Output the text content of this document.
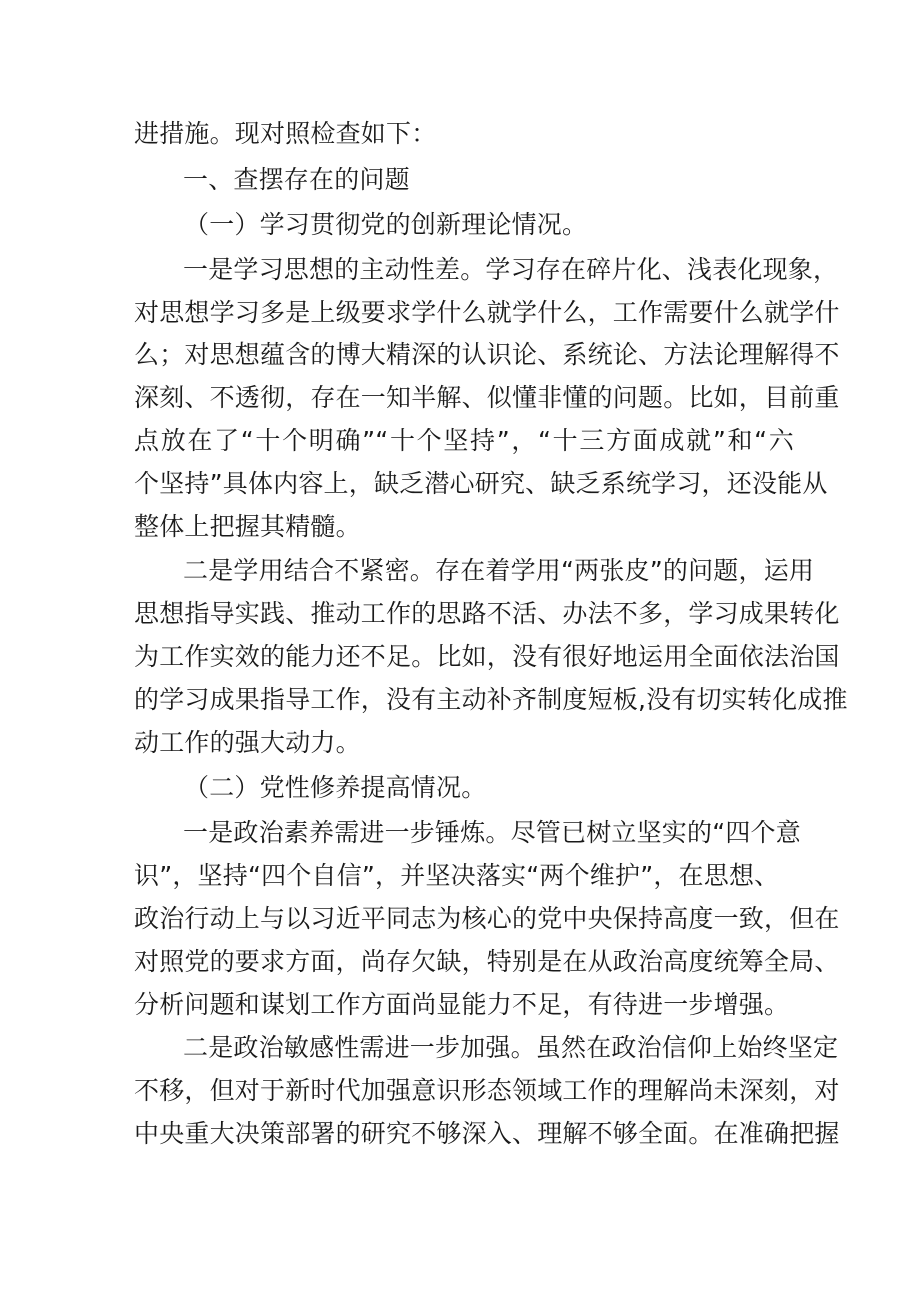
进措施。现对照检查如下：
一、查摆存在的问题
（一）学习贯彻党的创新理论情况。
一是学习思想的主动性差。学习存在碎片化、浅表化现象，
对思想学习多是上级要求学什么就学什么，工作需要什么就学什
么；对思想蕴含的博大精深的认识论、系统论、方法论理解得不
深刻、不透彻，存在一知半解、似懂非懂的问题。比如，目前重
点放在了“十个明确”“十个坚持”，“十三方面成就”和“六
个坚持”具体内容上，缺乏潜心研究、缺乏系统学习，还没能从
整体上把握其精髓。
二是学用结合不紧密。存在着学用“两张皮”的问题，运用
思想指导实践、推动工作的思路不活、办法不多，学习成果转化
为工作实效的能力还不足。比如，没有很好地运用全面依法治国
的学习成果指导工作，没有主动补齐制度短板,没有切实转化成推
动工作的强大动力。
（二）党性修养提高情况。
一是政治素养需进一步锤炼。尽管已树立坚实的“四个意
识”，坚持“四个自信”，并坚决落实“两个维护”，在思想、
政治行动上与以习近平同志为核心的党中央保持高度一致，但在
对照党的要求方面，尚存欠缺，特别是在从政治高度统筹全局、
分析问题和谋划工作方面尚显能力不足，有待进一步增强。
二是政治敏感性需进一步加强。虽然在政治信仰上始终坚定
不移，但对于新时代加强意识形态领域工作的理解尚未深刻，对
中央重大决策部署的研究不够深入、理解不够全面。在准确把握
